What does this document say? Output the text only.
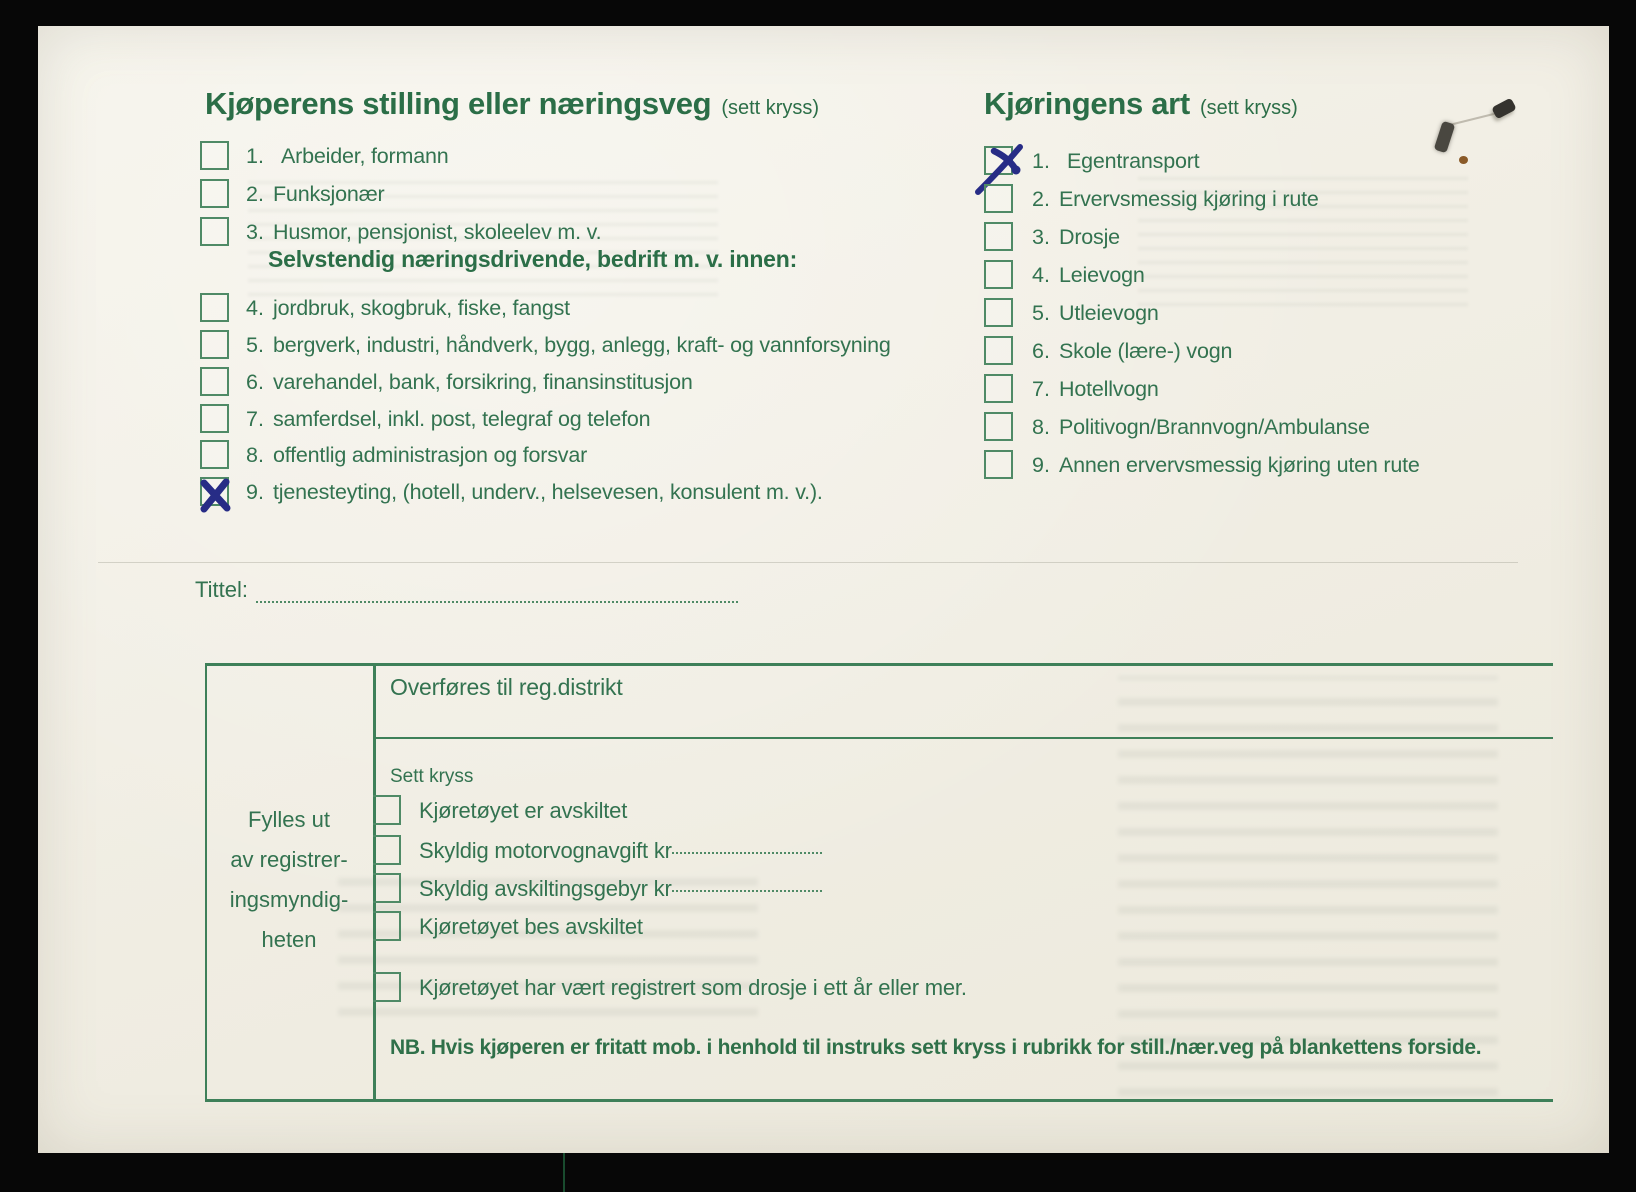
Kjøperens stilling eller næringsveg (sett kryss)
1. Arbeider, formann
2. Funksjonær
3. Husmor, pensjonist, skoleelev m. v.
Selvstendig næringsdrivende, bedrift m. v. innen:
4. jordbruk, skogbruk, fiske, fangst
5. bergverk, industri, håndverk, bygg, anlegg, kraft- og vannforsyning
6. varehandel, bank, forsikring, finansinstitusjon
7. samferdsel, inkl. post, telegraf og telefon
8. offentlig administrasjon og forsvar
9. tjenesteyting, (hotell, underv., helsevesen, konsulent m. v.).
Kjøringens art (sett kryss)
1. Egentransport
2. Ervervsmessig kjøring i rute
3. Drosje
4. Leievogn
5. Utleievogn
6. Skole (lære-) vogn
7. Hotellvogn
8. Politivogn/Brannvogn/Ambulanse
9. Annen ervervsmessig kjøring uten rute
Tittel:
Overføres til reg.distrikt
Fylles ut
av registrer-
ingsmyndig-
heten
Sett kryss
Kjøretøyet er avskiltet
Skyldig motorvognavgift kr
Skyldig avskiltingsgebyr kr
Kjøretøyet bes avskiltet
Kjøretøyet har vært registrert som drosje i ett år eller mer.
NB. Hvis kjøperen er fritatt mob. i henhold til instruks sett kryss i rubrikk for still./nær.veg på blankettens forside.
